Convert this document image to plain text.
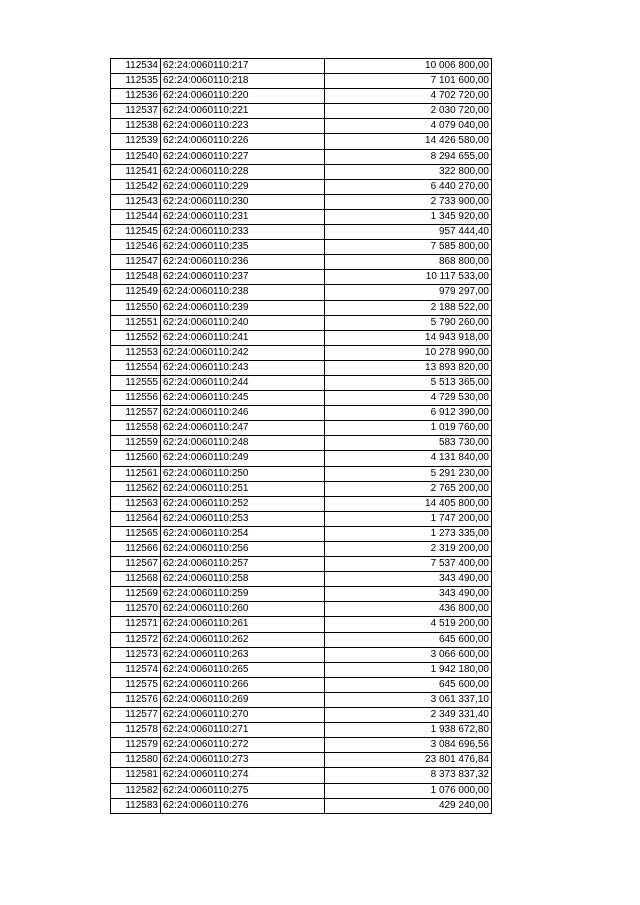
112534	62:24:0060110:217	10 006 800,00
112535	62:24:0060110:218	7 101 600,00
112536	62:24:0060110:220	4 702 720,00
112537	62:24:0060110:221	2 030 720,00
112538	62:24:0060110:223	4 079 040,00
112539	62:24:0060110:226	14 426 580,00
112540	62:24:0060110:227	8 294 655,00
112541	62:24:0060110:228	322 800,00
112542	62:24:0060110:229	6 440 270,00
112543	62:24:0060110:230	2 733 900,00
112544	62:24:0060110:231	1 345 920,00
112545	62:24:0060110:233	957 444,40
112546	62:24:0060110:235	7 585 800,00
112547	62:24:0060110:236	868 800,00
112548	62:24:0060110:237	10 117 533,00
112549	62:24:0060110:238	979 297,00
112550	62:24:0060110:239	2 188 522,00
112551	62:24:0060110:240	5 790 260,00
112552	62:24:0060110:241	14 943 918,00
112553	62:24:0060110:242	10 278 990,00
112554	62:24:0060110:243	13 893 820,00
112555	62:24:0060110:244	5 513 365,00
112556	62:24:0060110:245	4 729 530,00
112557	62:24:0060110:246	6 912 390,00
112558	62:24:0060110:247	1 019 760,00
112559	62:24:0060110:248	583 730,00
112560	62:24:0060110:249	4 131 840,00
112561	62:24:0060110:250	5 291 230,00
112562	62:24:0060110:251	2 765 200,00
112563	62:24:0060110:252	14 405 800,00
112564	62:24:0060110:253	1 747 200,00
112565	62:24:0060110:254	1 273 335,00
112566	62:24:0060110:256	2 319 200,00
112567	62:24:0060110:257	7 537 400,00
112568	62:24:0060110:258	343 490,00
112569	62:24:0060110:259	343 490,00
112570	62:24:0060110:260	436 800,00
112571	62:24:0060110:261	4 519 200,00
112572	62:24:0060110:262	645 600,00
112573	62:24:0060110:263	3 066 600,00
112574	62:24:0060110:265	1 942 180,00
112575	62:24:0060110:266	645 600,00
112576	62:24:0060110:269	3 061 337,10
112577	62:24:0060110:270	2 349 331,40
112578	62:24:0060110:271	1 938 672,80
112579	62:24:0060110:272	3 084 696,56
112580	62:24:0060110:273	23 801 476,84
112581	62:24:0060110:274	8 373 837,32
112582	62:24:0060110:275	1 076 000,00
112583	62:24:0060110:276	429 240,00
